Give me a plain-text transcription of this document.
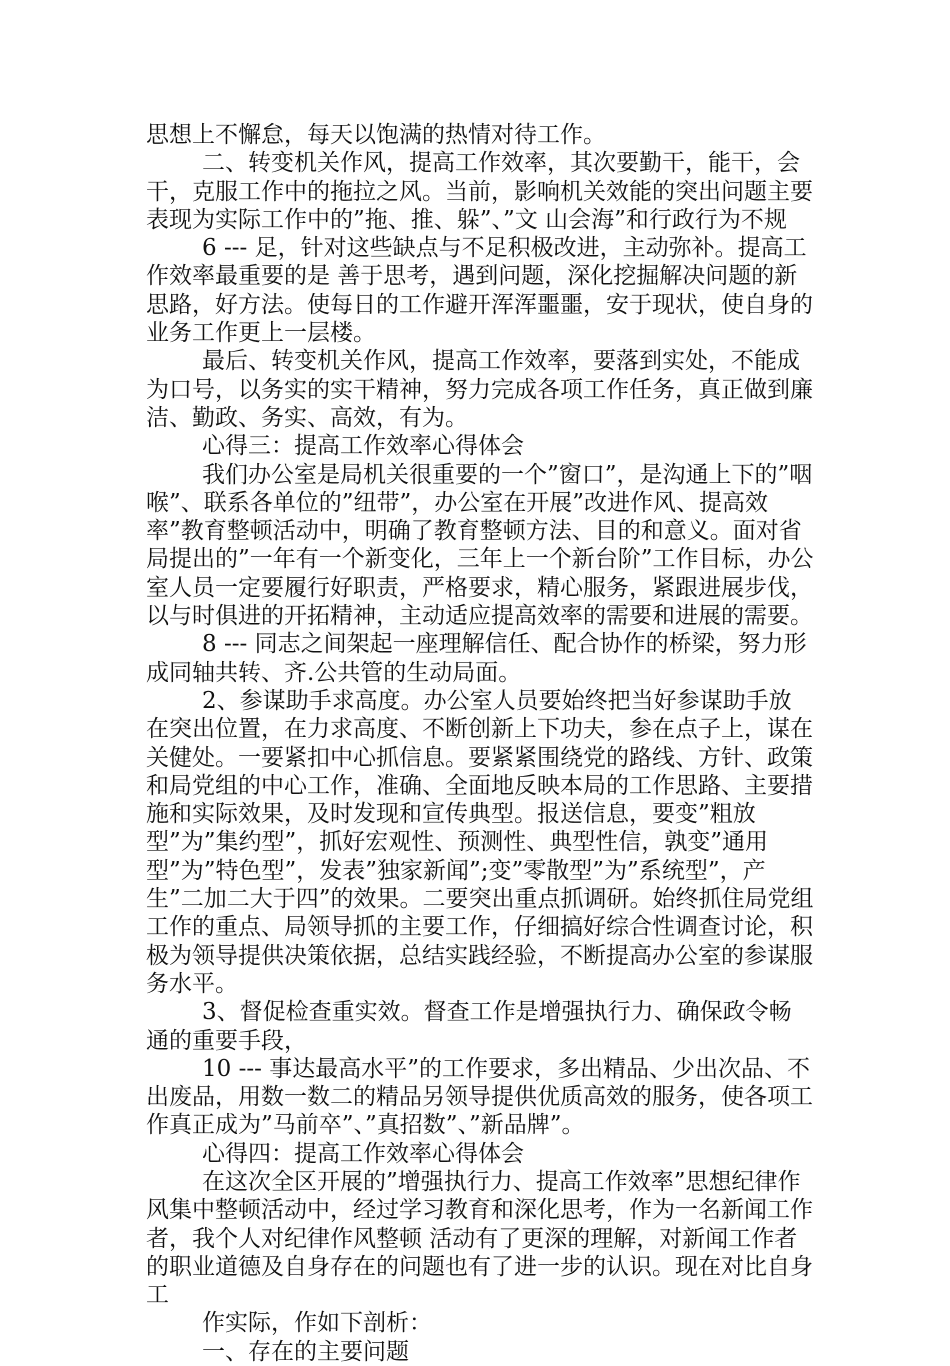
思想上不懈怠，每天以饱满的热情对待工作。

二、转变机关作风，提高工作效率，其次要勤干，能干，会干，克服工作中的拖拉之风。当前，影响机关效能的突出问题主要表现为实际工作中的”拖、推、躲”、”文 山会海”和行政行为不规

6 --- 足，针对这些缺点与不足积极改进，主动弥补。提高工作效率最重要的是 善于思考，遇到问题，深化挖掘解决问题的新思路，好方法。使每日的工作避开浑浑噩噩，安于现状，使自身的业务工作更上一层楼。

最后、转变机关作风，提高工作效率，要落到实处，不能成为口号，以务实的实干精神，努力完成各项工作任务，真正做到廉洁、勤政、务实、高效，有为。

心得三：提高工作效率心得体会

我们办公室是局机关很重要的一个”窗口”，是沟通上下的”咽喉”、联系各单位的”纽带”，办公室在开展”改进作风、提高效率”教育整顿活动中，明确了教育整顿方法、目的和意义。面对省局提出的”一年有一个新变化，三年上一个新台阶”工作目标，办公室人员一定要履行好职责，严格要求，精心服务，紧跟进展步伐，以与时俱进的开拓精神，主动适应提高效率的需要和进展的需要。

8 --- 同志之间架起一座理解信任、配合协作的桥梁，努力形成同轴共转、齐.公共管的生动局面。

2、参谋助手求高度。办公室人员要始终把当好参谋助手放在突出位置，在力求高度、不断创新上下功夫，参在点子上，谋在关健处。一要紧扣中心抓信息。要紧紧围绕党的路线、方针、政策和局党组的中心工作，准确、全面地反映本局的工作思路、主要措施和实际效果，及时发现和宣传典型。报送信息，要变”粗放型”为”集约型”，抓好宏观性、预测性、典型性信，孰变”通用型”为”特色型”，发表”独家新闻”;变”零散型”为”系统型”，产生”二加二大于四”的效果。二要突出重点抓调研。始终抓住局党组工作的重点、局领导抓的主要工作，仔细搞好综合性调查讨论，积极为领导提供决策依据，总结实践经验，不断提高办公室的参谋服务水平。

3、督促检查重实效。督查工作是增强执行力、确保政令畅通的重要手段，

10 --- 事达最高水平”的工作要求，多出精品、少出次品、不出废品，用数一数二的精品另领导提供优质高效的服务，使各项工作真正成为”马前卒”、”真招数”、”新品牌”。

心得四：提高工作效率心得体会

在这次全区开展的”增强执行力、提高工作效率”思想纪律作风集中整顿活动中，经过学习教育和深化思考，作为一名新闻工作者，我个人对纪律作风整顿 活动有了更深的理解，对新闻工作者的职业道德及自身存在的问题也有了进一步的认识。现在对比自身工

作实际，作如下剖析：

一、存在的主要问题
